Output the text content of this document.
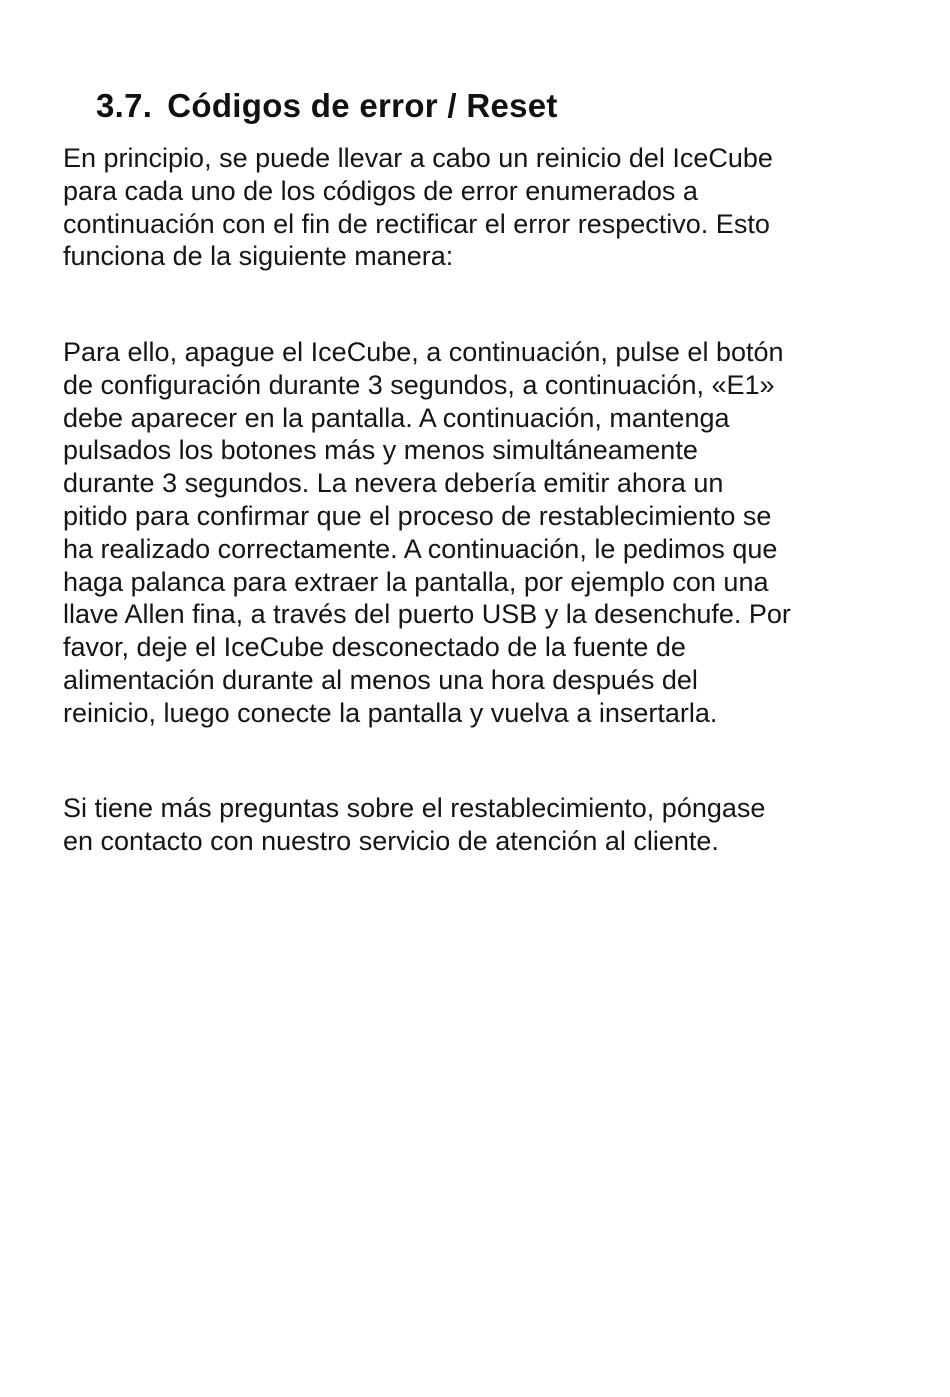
3.7. Códigos de error / Reset

En principio, se puede llevar a cabo un reinicio del IceCube
para cada uno de los códigos de error enumerados a
continuación con el fin de rectificar el error respectivo. Esto
funciona de la siguiente manera:

Para ello, apague el IceCube, a continuación, pulse el botón
de configuración durante 3 segundos, a continuación, «E1»
debe aparecer en la pantalla. A continuación, mantenga
pulsados los botones más y menos simultáneamente
durante 3 segundos. La nevera debería emitir ahora un
pitido para confirmar que el proceso de restablecimiento se
ha realizado correctamente. A continuación, le pedimos que
haga palanca para extraer la pantalla, por ejemplo con una
llave Allen fina, a través del puerto USB y la desenchufe. Por
favor, deje el IceCube desconectado de la fuente de
alimentación durante al menos una hora después del
reinicio, luego conecte la pantalla y vuelva a insertarla.

Si tiene más preguntas sobre el restablecimiento, póngase
en contacto con nuestro servicio de atención al cliente.
